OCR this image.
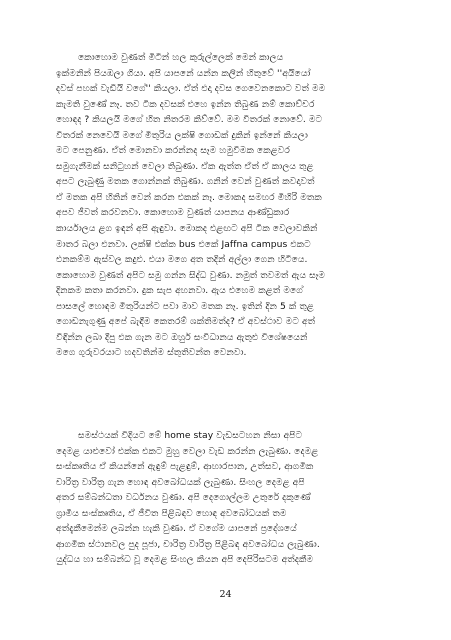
කොහොම වුණත් මිටින් හල කුරුල්ලෙක් මෙන් කාලය
ඉක්මනින් පියඹලා ගියා. අපි යාපනේ යන්න කලින් හිතුවේ ''අයියෝ
දවස් පහක් වැඩියි වගේ'' කියලා. ඒත් එදා දවස ගෙවෙනකොට වත් මම
කැමති වුණේ නෑ. තව ටික දවසක් එහෙ ඉන්න තිබුණ නම් කොච්චර
හොඳද ? කියලයි මගේ හිත නිතරම කිව්වේ. මම විතරක් නොවේ. මට
විතරක් නෙවෙයි මගේ මිතුරිය ලක්ෂි ගොඩක් දුකින් ඉන්නේ කියලා
මට පෙනුණා. ඒත් මොනවා කරන්නද සෑම හමුවීමක කෙළවර
සමුගැනීමක් සනිටුහන් වෙලා තිබුණා. ඒක ඇත්ත ඒත් ඒ කාලය තුළ
අපට ලැබුණු මතක ගොන්නක් තිබුණා. ගනින් වෙන් වුණත් කවදාවත්
ඒ මතක අපි හිතින් වෙන් කරන එකක් නෑ. මොකද සමහර මිහිරි මතක
අපව ජීවත් කරවනවා. කොහොම වුණත් යාපනය ආණ්ඩුකාර
කාර්යාලය ළග ඉඳන් අපි ඇඳුවා. මොකද එළඟට අපි ටික වෙලාවකින්
මාතර බලා එනවා. ලක්ෂි එක්ක bus එකේ Jaffna campus එකට
එනකම්ම ඇස්වල කදුළු. එයා මගෙ අත තදින් අල්ලා ගෙන හිටියෙ.
කොහොම වුණත් අපිට සමු ගන්න සිද්ධ වුණා. නමුත් තවමත් ඇය සෑම
දිනකම කතා කරනවා. දුක සැප අහනවා. ඇය එහෙම කළත් මගේ
පාසලේ හොඳම මිතුරියන්ට පවා මාව මතක නෑ. ඉතින් දින 5 ක් තුළ
ගොඩනැගුණු අපේ බැඳීම කෙතරම් ශක්තිමත්ද? ඒ අවස්ථාව මට අත්
විඳින්න ලබා දීපු එක ගැන මට ඔහුර් සංවිධානය ඇතුළු විශේෂයෙන්
මගෙ ගුරුවරයාට හදවතින්ම ස්තුතිවන්ත වෙනවා.
සමස්ථයක් විදියට මේ home stay වැඩසටහන නිසා අපිට
දෙමළ යාළුවෝ එක්ක එකට මුහු වෙලා වැඩ කරන්න ලැබුණා. දෙමළ
සංස්කෘතිය ඒ කියන්නේ ඇඳුම් පැළඳුම්, ආහාරපාන, උත්සව, ආගමික
චාරිත්‍ර වාරිත්‍ර ගැන හොඳ අවබෝධයක් ලැබුණා. සිංහල දෙමළ අපි
අතර සම්බන්ධතා වර්ධනය වුණා. අපි දෙගොල්ලම උතුරේ දකුණේ
ග්‍රාමීය සංස්කෘතිය, ඒ ජීවිත පිළිබඳව හොඳ අවබෝධයක් තම
අත්දැකීමෙන්ම ලබන්න හැකි වුණා. ඒ වගේම යාපනේ ප්‍රදේශයේ
ආගමික ස්ථානවල පුද පූජා, චාරිත්‍ර වාරිත්‍ර පිළිබඳ අවබෝධය ලැබුණා.
යුද්ධය හා සම්බන්ධ වූ දෙමළ සිංහල කියන අපි දෙපිරිසටම අත්දකීම
24
